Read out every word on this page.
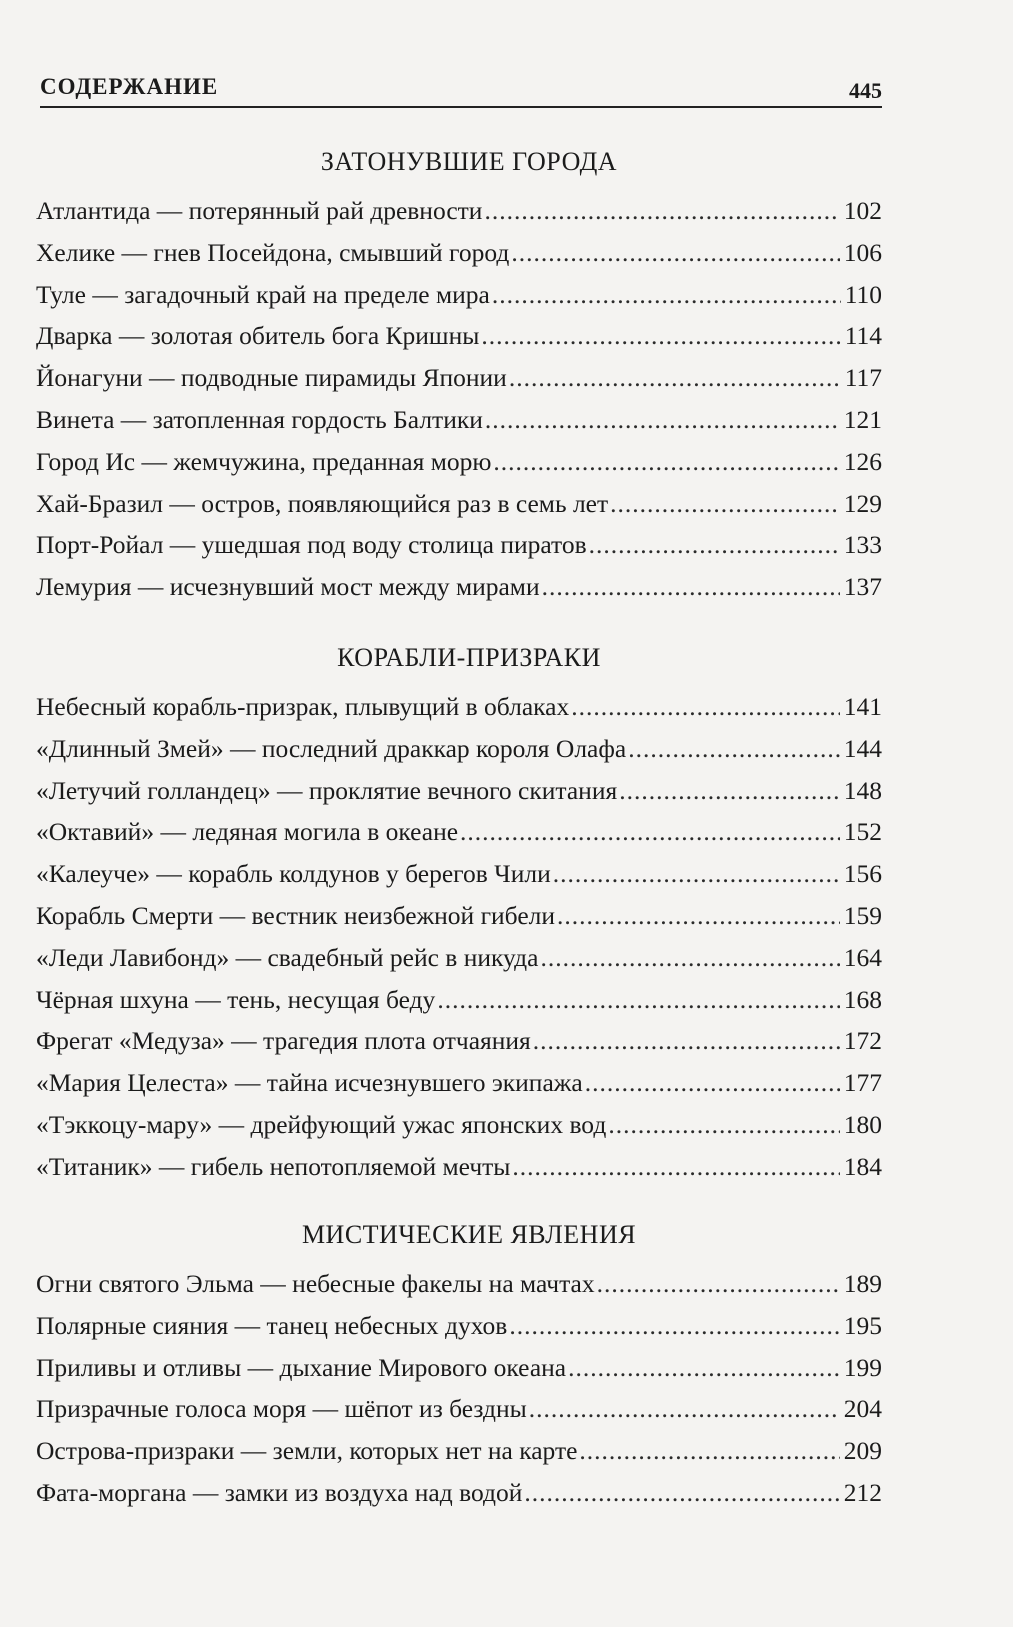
СОДЕРЖАНИЕ	445
ЗАТОНУВШИЕ ГОРОДА
Атлантида — потерянный рай древности .....	102
Хелике — гнев Посейдона, смывший город .....	106
Туле — загадочный край на пределе мира .....	110
Дварка — золотая обитель бога Кришны .....	114
Йонагуни — подводные пирамиды Японии .....	117
Винета — затопленная гордость Балтики .....	121
Город Ис — жемчужина, преданная морю .....	126
Хай-Бразил — остров, появляющийся раз в семь лет .....	129
Порт-Ройал — ушедшая под воду столица пиратов .....	133
Лемурия — исчезнувший мост между мирами .....	137
КОРАБЛИ-ПРИЗРАКИ
Небесный корабль-призрак, плывущий в облаках .....	141
«Длинный Змей» — последний драккар короля Олафа .....	144
«Летучий голландец» — проклятие вечного скитания .....	148
«Октавий» — ледяная могила в океане .....	152
«Калеуче» — корабль колдунов у берегов Чили .....	156
Корабль Смерти — вестник неизбежной гибели .....	159
«Леди Лавибонд» — свадебный рейс в никуда .....	164
Чёрная шхуна — тень, несущая беду .....	168
Фрегат «Медуза» — трагедия плота отчаяния .....	172
«Мария Целеста» — тайна исчезнувшего экипажа .....	177
«Тэккоцу-мару» — дрейфующий ужас японских вод .....	180
«Титаник» — гибель непотопляемой мечты .....	184
МИСТИЧЕСКИЕ ЯВЛЕНИЯ
Огни святого Эльма — небесные факелы на мачтах .....	189
Полярные сияния — танец небесных духов .....	195
Приливы и отливы — дыхание Мирового океана .....	199
Призрачные голоса моря — шёпот из бездны .....	204
Острова-призраки — земли, которых нет на карте .....	209
Фата-моргана — замки из воздуха над водой .....	212
